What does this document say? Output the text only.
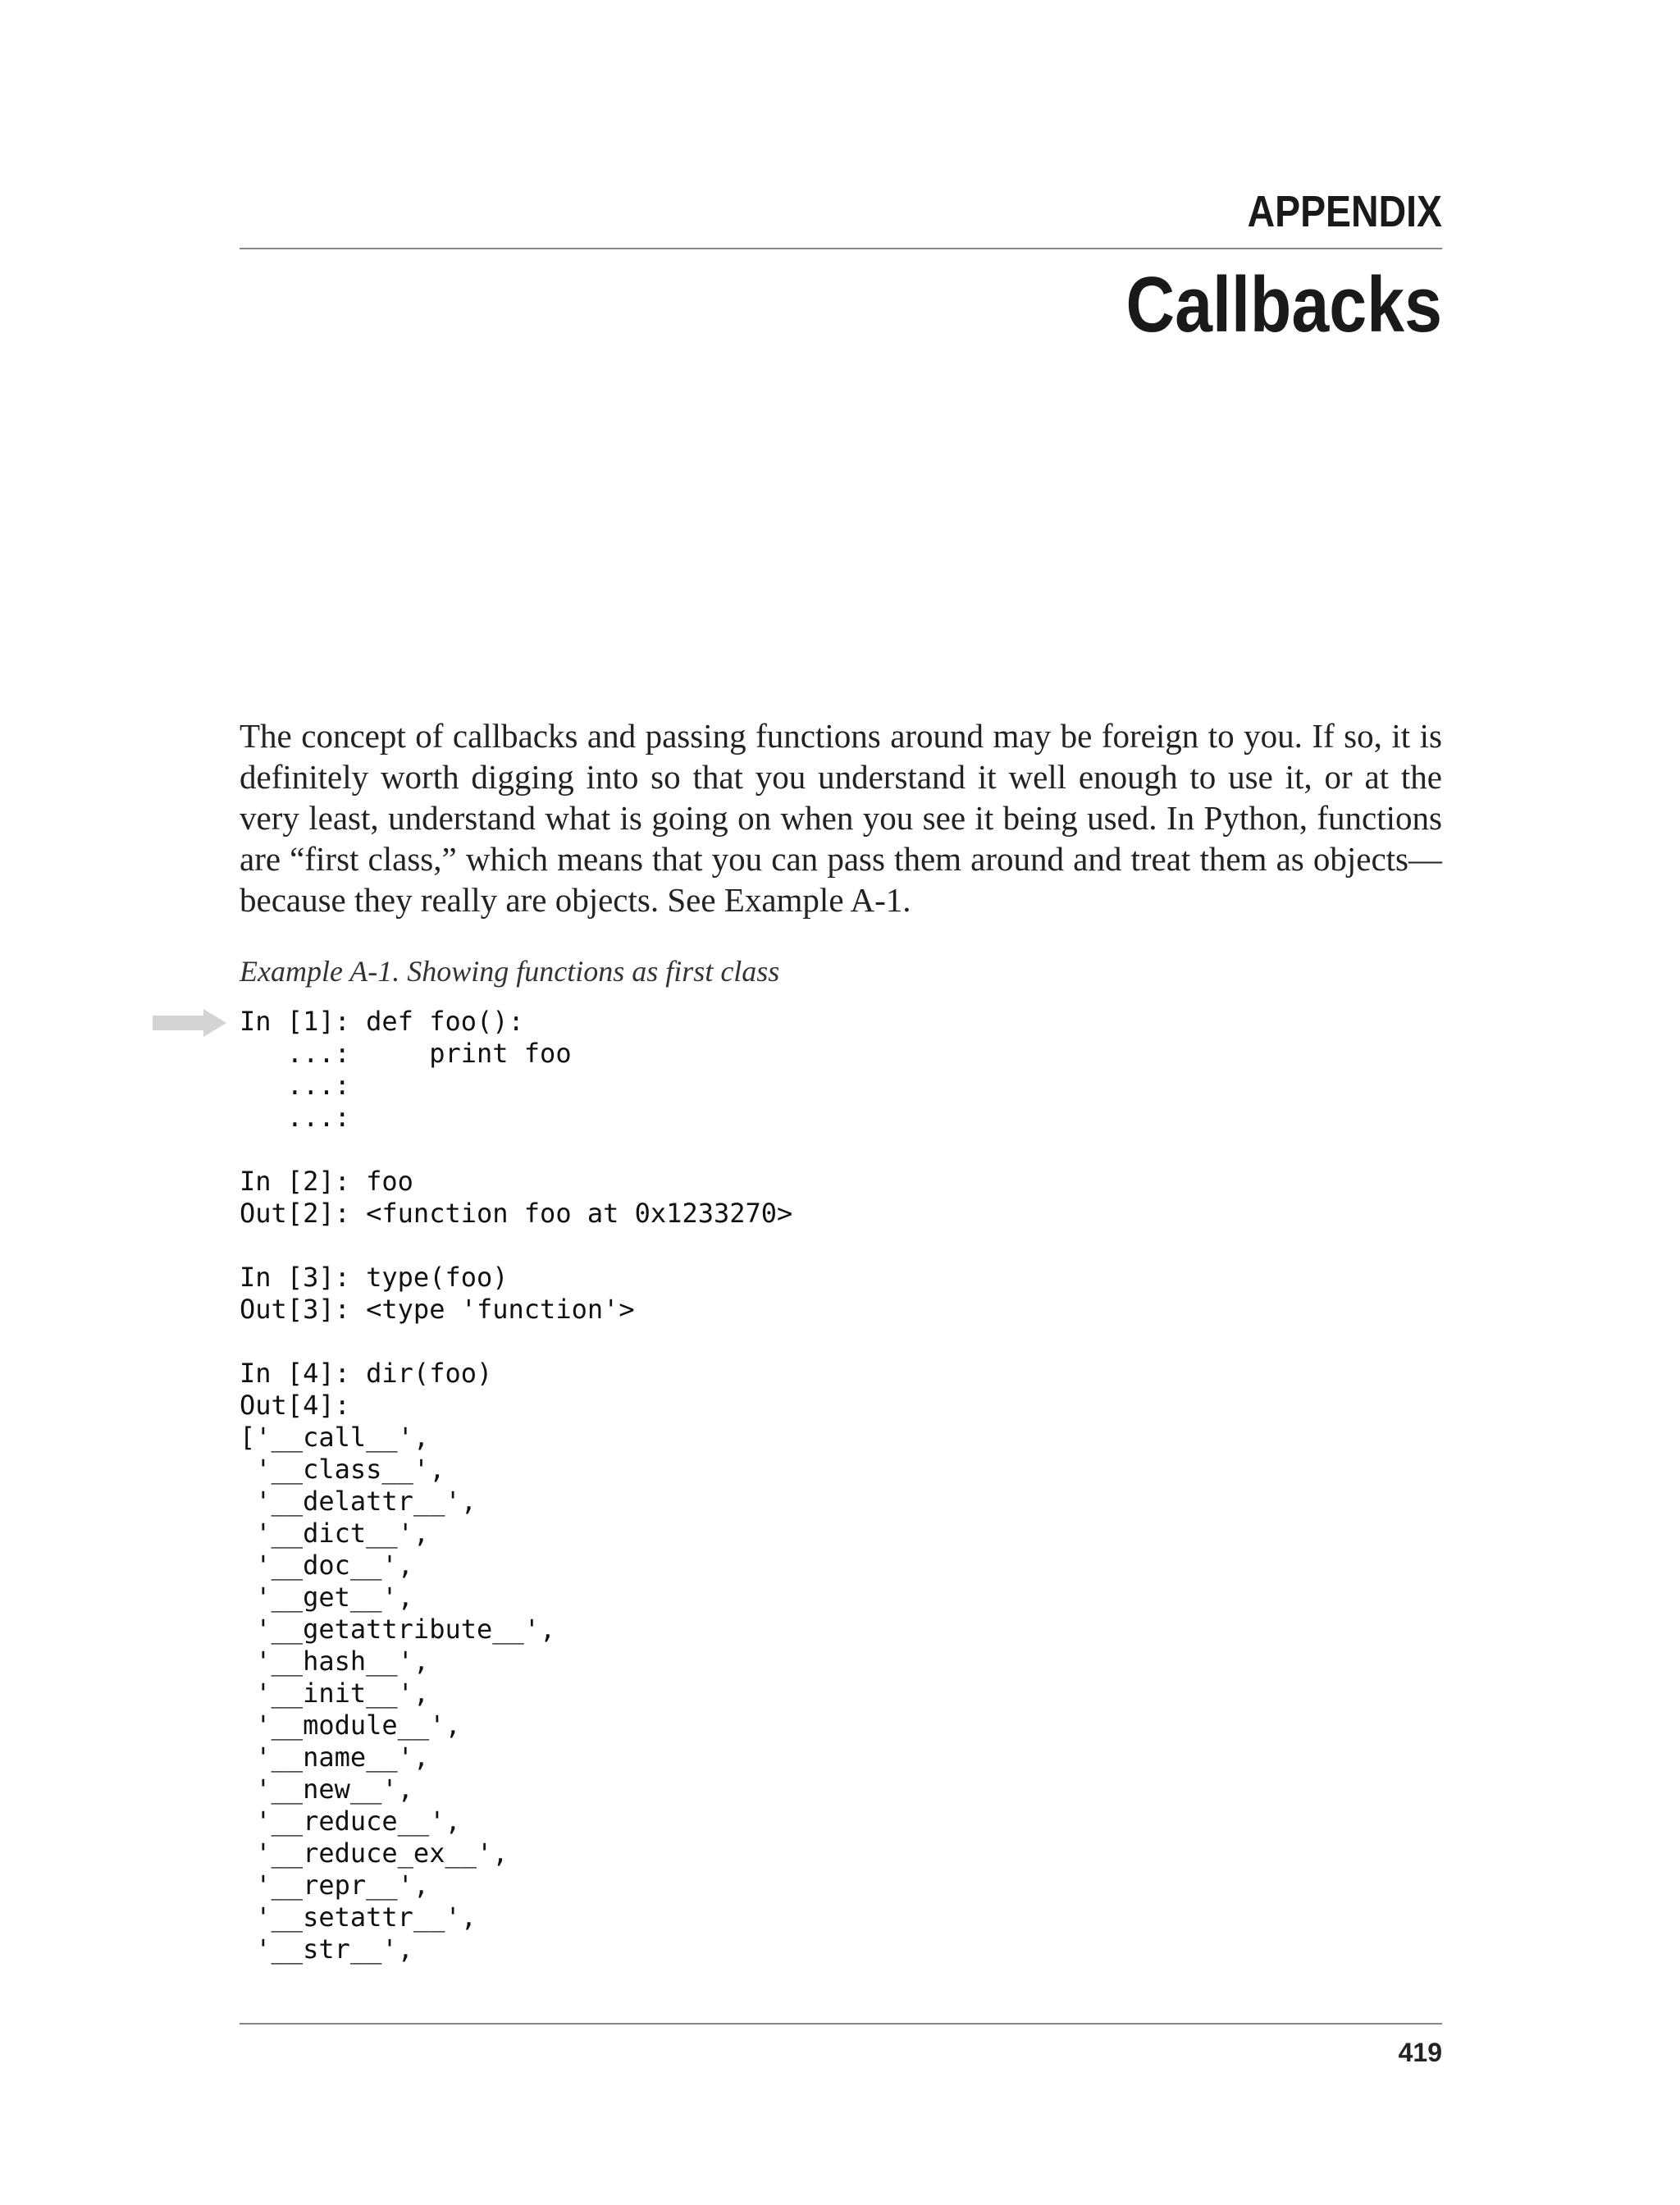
APPENDIX
Callbacks

The concept of callbacks and passing functions around may be foreign to you. If so, it is definitely worth digging into so that you understand it well enough to use it, or at the very least, understand what is going on when you see it being used. In Python, functions are “first class,” which means that you can pass them around and treat them as objects—because they really are objects. See Example A-1.

Example A-1. Showing functions as first class

In [1]: def foo():
...:     print foo
...:
...:

In [2]: foo
Out[2]: <function foo at 0x1233270>

In [3]: type(foo)
Out[3]: <type 'function'>

In [4]: dir(foo)
Out[4]:
['__call__',
'__class__',
'__delattr__',
'__dict__',
'__doc__',
'__get__',
'__getattribute__',
'__hash__',
'__init__',
'__module__',
'__name__',
'__new__',
'__reduce__',
'__reduce_ex__',
'__repr__',
'__setattr__',
'__str__',
419
